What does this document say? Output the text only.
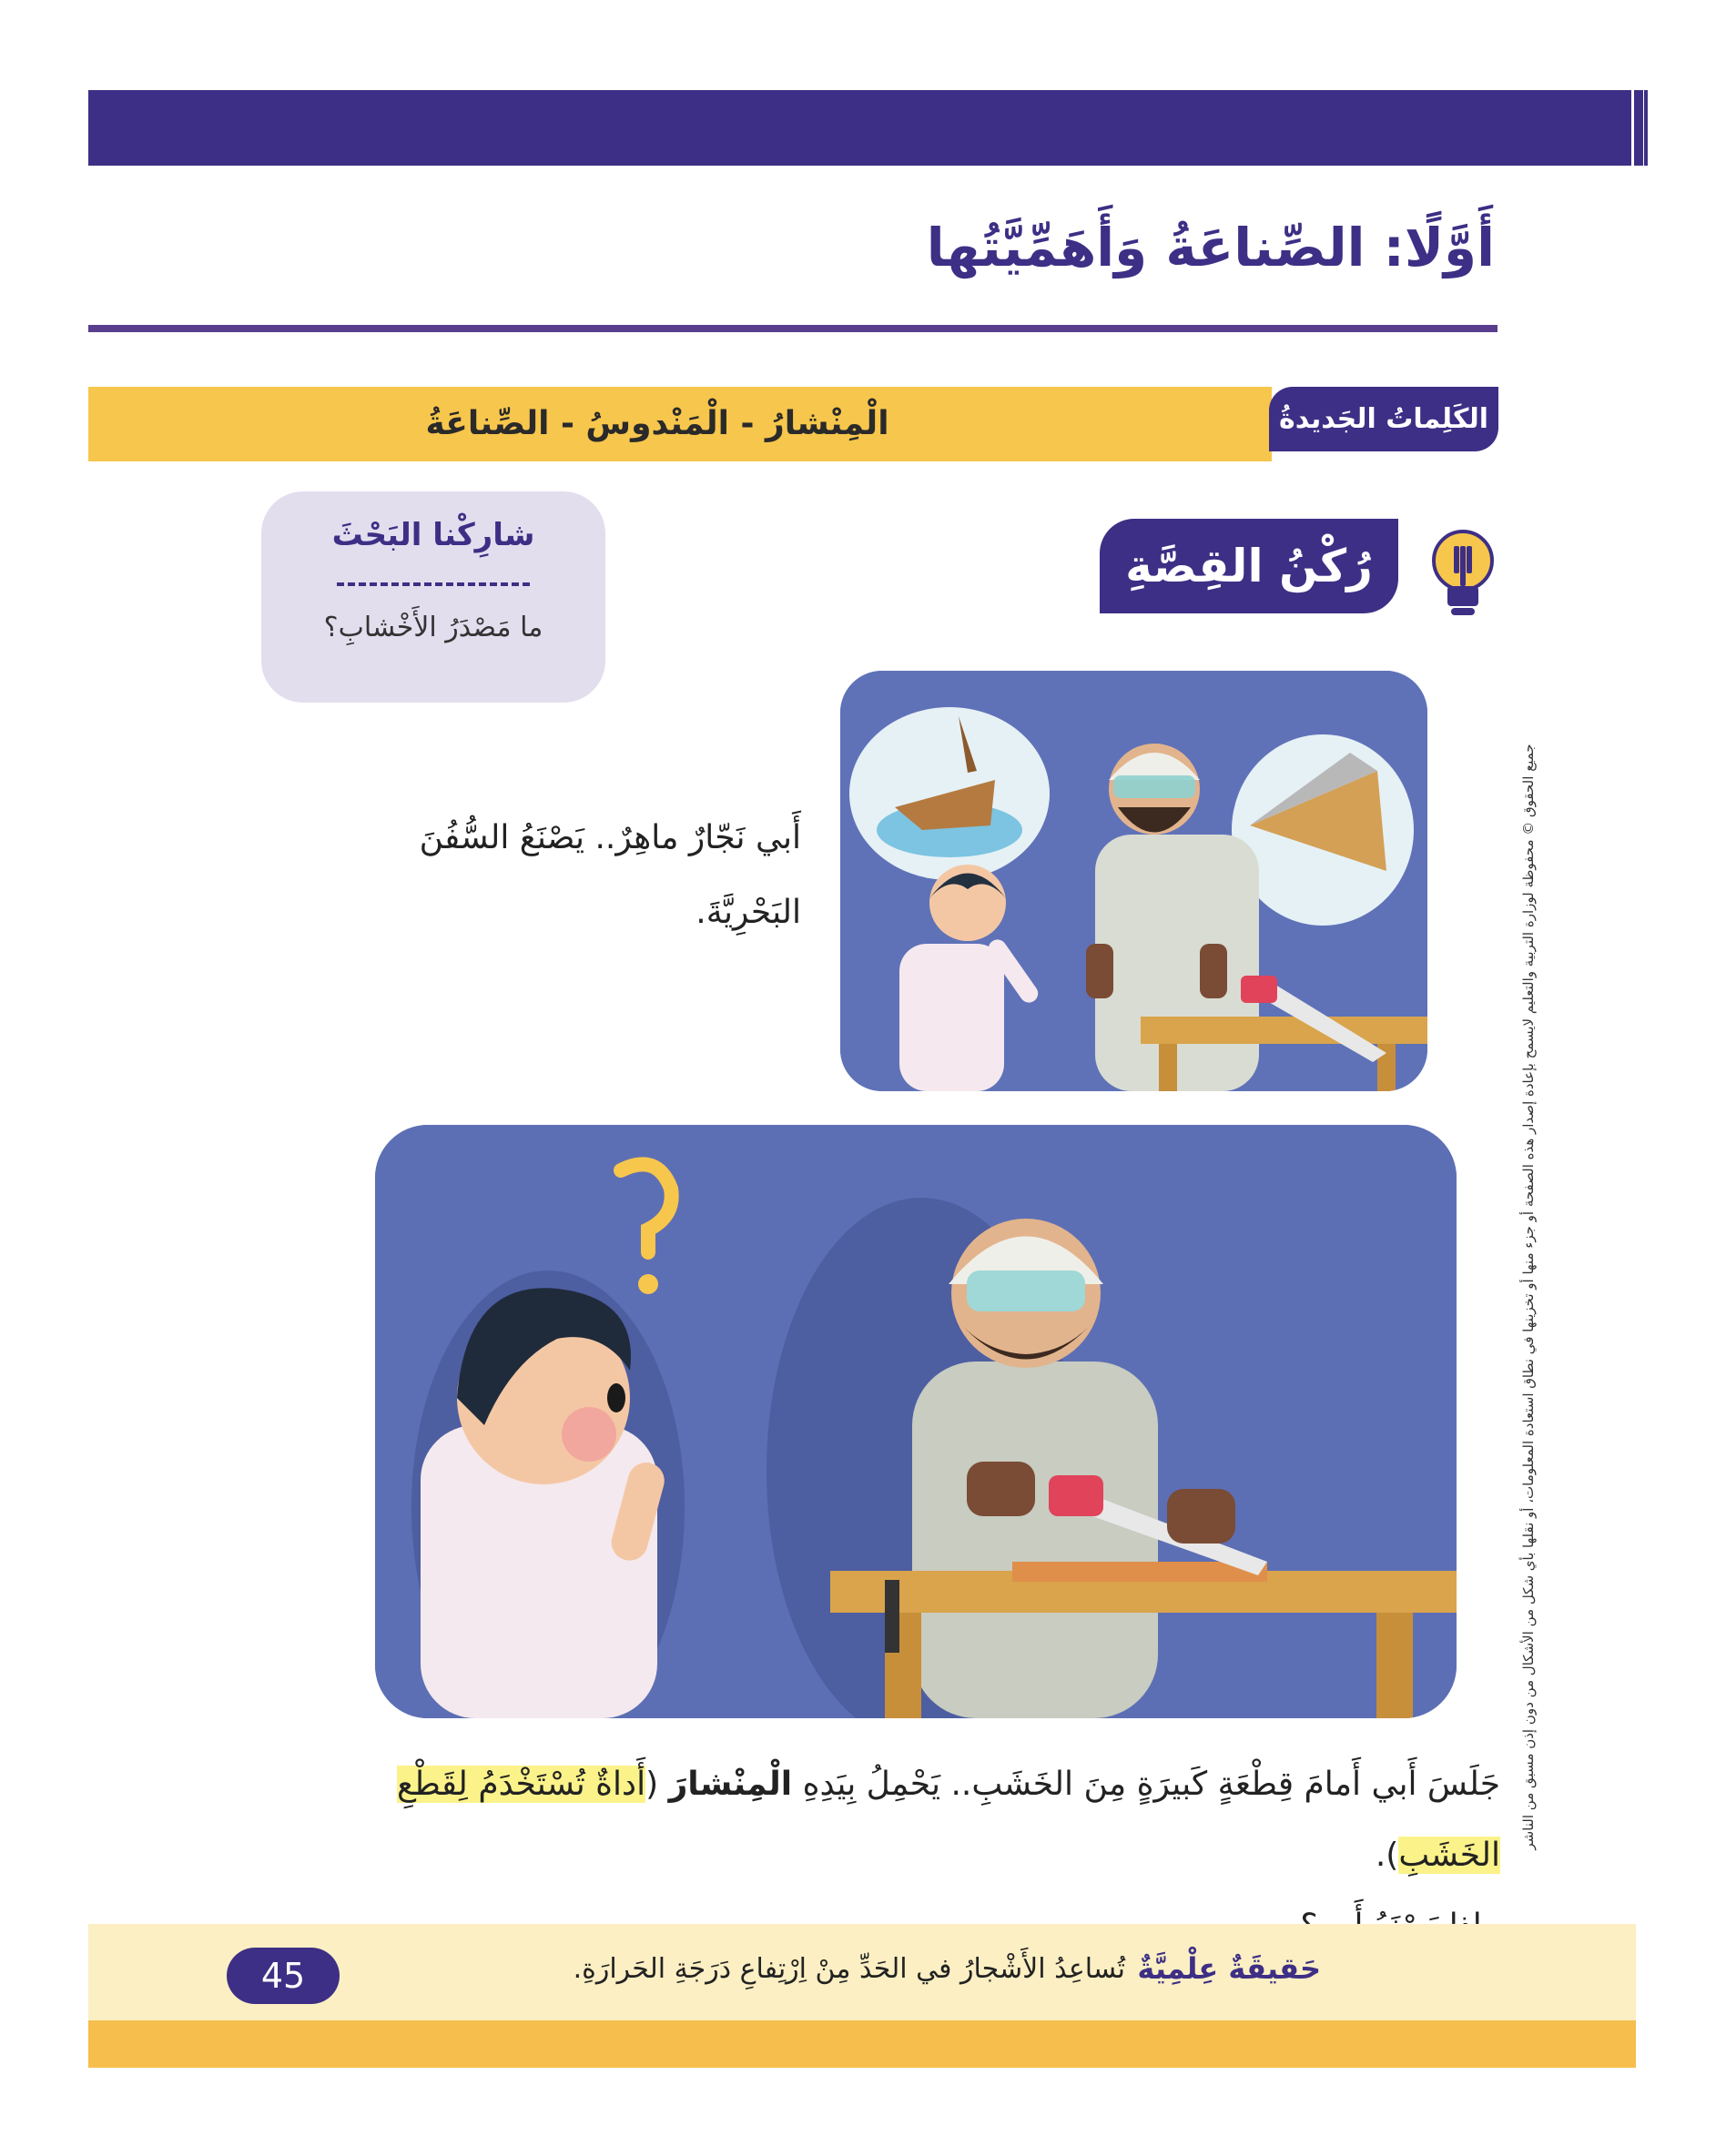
أَوَّلًا: الصِّناعَةُ وَأَهَمِّيَّتُها
الْمِنْشارُ - الْمَنْدوسُ - الصِّناعَةُ	الكَلِماتُ الجَديدةُ
شارِكْنا البَحْثَ
ما مَصْدَرُ الأَخْشابِ؟
رُكْنُ القِصَّةِ
أَبي نَجّارٌ ماهِرٌ.. يَصْنَعُ السُّفُنَ البَحْرِيَّةَ.
جَلَسَ أَبي أَمامَ قِطْعَةٍ كَبيرَةٍ مِنَ الخَشَبِ.. يَحْمِلُ بِيَدِهِ الْمِنْشارَ (أَداةٌ تُسْتَخْدَمُ لِقَطْعِ الخَشَبِ).

جميع الحقوق © محفوظة لوزارة التربية والتعليم لايسمح بإعادة إصدار هذه الصفحة أو جزء منها أو تخزينها في نطاق استعادة المعلومات، أو نقلها بأي شكل من الأشكال من دون إذن مسبق من الناشر
حَقيقَةٌ عِلْمِيَّةٌ
تُساعِدُ الأَشْجارُ في الحَدِّ مِنْ اِرْتِفاعِ دَرَجَةِ الحَرارَةِ.
45
